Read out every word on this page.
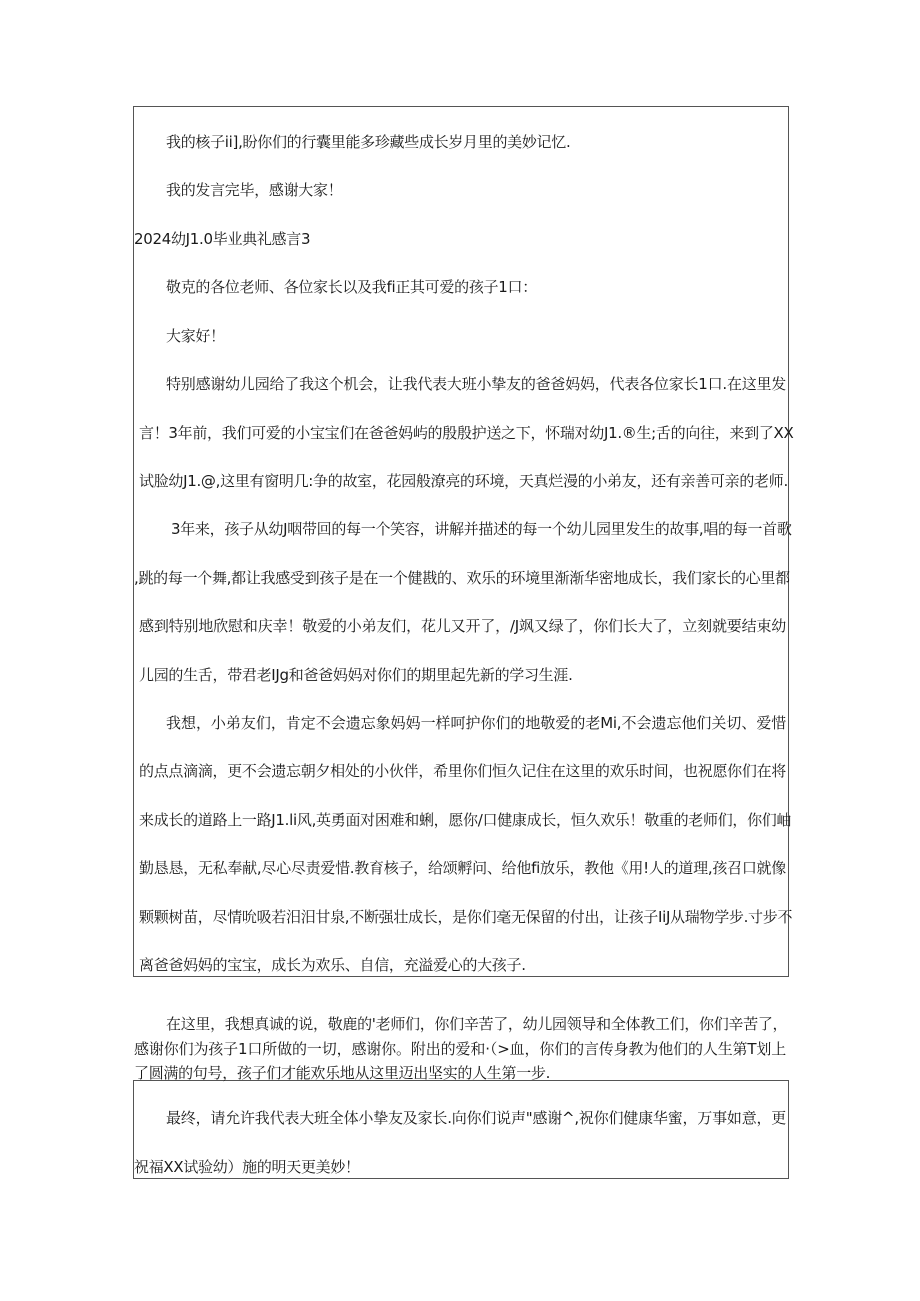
我的核子ii],盼你们的行囊里能多珍藏些成长岁月里的美妙记忆.
我的发言完毕，感谢大家！
2024幼J1.0毕业典礼感言3
敬克的各位老师、各位家长以及我fi正其可爱的孩子1口：
大家好！
特别感谢幼儿园给了我这个机会，让我代表大班小挚友的爸爸妈妈，代表各位家长1口.在这里发
言！3年前，我们可爱的小宝宝们在爸爸妈屿的殷殷护送之下，怀瑞对幼J1.®生;舌的向往，来到了XX
试脸幼J1.@,这里有窗明几:争的故室，花园般潦亮的环境，天真烂漫的小弟友，还有亲善可亲的老师.
3年来，孩子从幼J咽带回的每一个笑容，讲解并描述的每一个幼儿园里发生的故事,唱的每一首歌
,跳的每一个舞,都让我感受到孩子是在一个健戡的、欢乐的环境里渐渐华密地成长，我们家长的心里都
感到特别地欣慰和庆幸！敬爱的小弟友们，花儿又开了，/J飒又绿了，你们长大了，立刻就要结束幼
儿园的生舌，带君老IJg和爸爸妈妈对你们的期里起先新的学习生涯.
我想，小弟友们，肯定不会遗忘象妈妈一样呵护你们的地敬爱的老Mi,不会遗忘他们关切、爱惜
的点点滴滴，更不会遗忘朝夕相处的小伙伴，希里你们恒久记住在这里的欢乐时间，也祝愿你们在将
来成长的道路上一路J1.li风,英勇面对困难和蜊，愿你/口健康成长，恒久欢乐！敬重的老师们，你们岫
勤恳恳，无私奉献,尽心尽责爱惜.教育核子，给颂孵问、给他fi放乐，教他《用!人的道理,孩召口就像
颗颗树苗，尽情吮吸若汨汨甘泉,不断强壮成长，是你们毫无保留的付出，让孩子IiJ从瑞物学步.寸步不
离爸爸妈妈的宝宝，成长为欢乐、自信，充溢爱心的大孩子.
在这里，我想真诚的说，敬鹿的'老师们，你们辛苦了，幼儿园领导和全体教工们，你们辛苦了，
感谢你们为孩子1口所做的一切，感谢你。附出的爱和·（>血，你们的言传身教为他们的人生第T划上
了圆满的句号，孩子们才能欢乐地从这里迈出坚实的人生第一步.
最终，请允许我代表大班全体小挚友及家长.向你们说声"感谢^,祝你们健康华蜜，万事如意，更
祝福XX试验幼）施的明天更美妙！
